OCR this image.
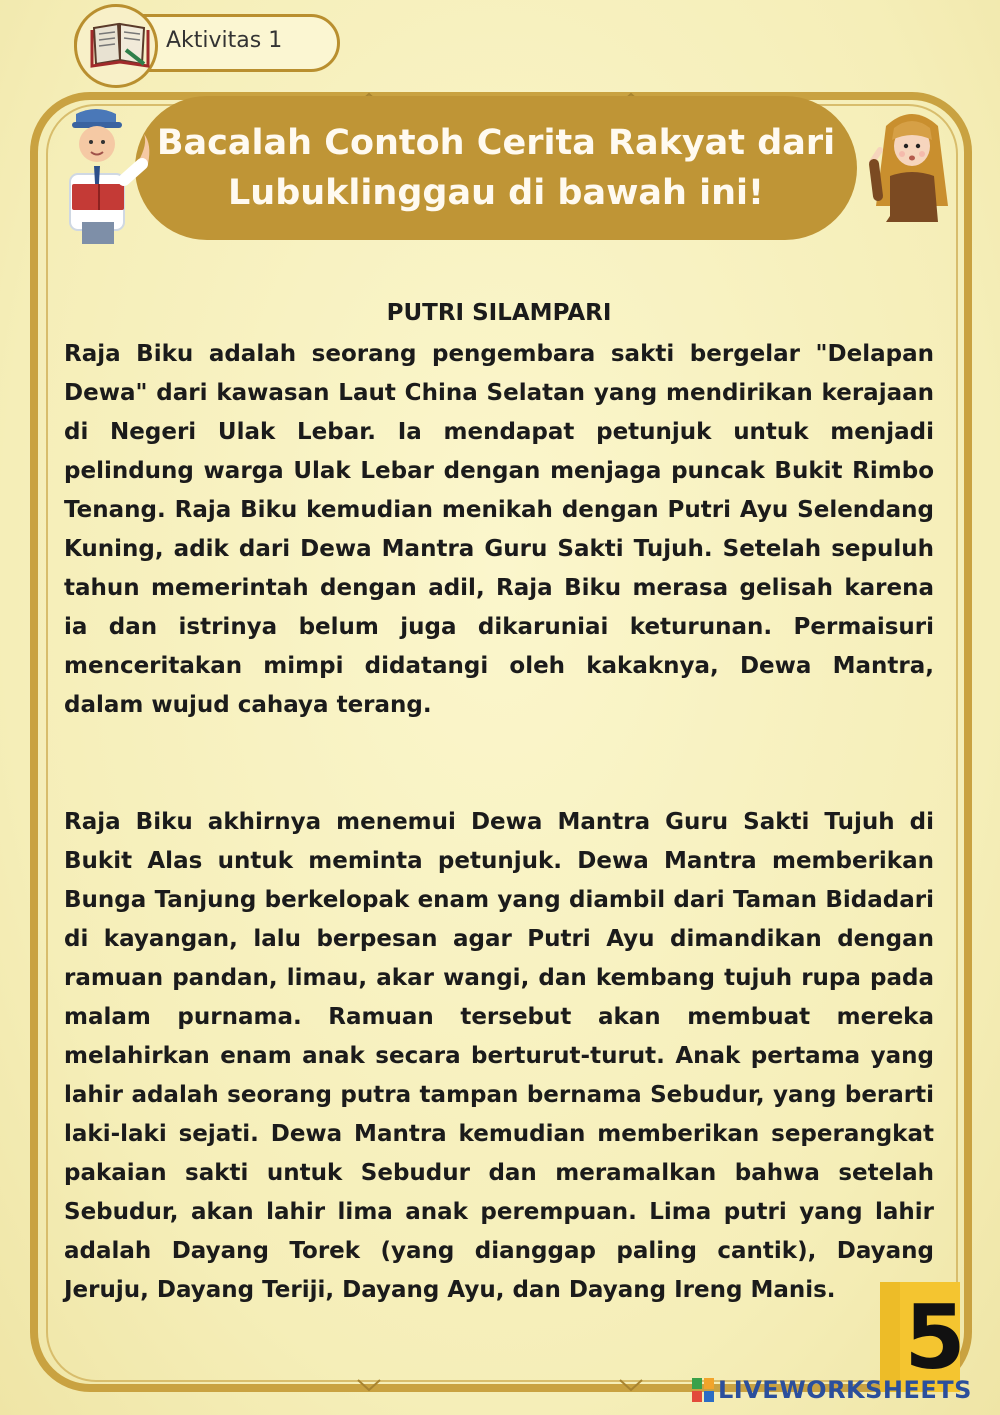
Aktivitas 1
Bacalah Contoh Cerita Rakyat dari
Lubuklinggau di bawah ini!
PUTRI SILAMPARI

Raja Biku adalah seorang pengembara sakti bergelar "Delapan Dewa" dari kawasan Laut China Selatan yang mendirikan kerajaan di Negeri Ulak Lebar. Ia mendapat petunjuk untuk menjadi pelindung warga Ulak Lebar dengan menjaga puncak Bukit Rimbo Tenang. Raja Biku kemudian menikah dengan Putri Ayu Selendang Kuning, adik dari Dewa Mantra Guru Sakti Tujuh. Setelah sepuluh tahun memerintah dengan adil, Raja Biku merasa gelisah karena ia dan istrinya belum juga dikaruniai keturunan. Permaisuri menceritakan mimpi didatangi oleh kakaknya, Dewa Mantra, dalam wujud cahaya terang.

Raja Biku akhirnya menemui Dewa Mantra Guru Sakti Tujuh di Bukit Alas untuk meminta petunjuk. Dewa Mantra memberikan Bunga Tanjung berkelopak enam yang diambil dari Taman Bidadari di kayangan, lalu berpesan agar Putri Ayu dimandikan dengan ramuan pandan, limau, akar wangi, dan kembang tujuh rupa pada malam purnama. Ramuan tersebut akan membuat mereka melahirkan enam anak secara berturut-turut. Anak pertama yang lahir adalah seorang putra tampan bernama Sebudur, yang berarti laki-laki sejati. Dewa Mantra kemudian memberikan seperangkat pakaian sakti untuk Sebudur dan meramalkan bahwa setelah Sebudur, akan lahir lima anak perempuan. Lima putri yang lahir adalah Dayang Torek (yang dianggap paling cantik), Dayang Jeruju, Dayang Teriji, Dayang Ayu, dan Dayang Ireng Manis. 5
LIVEWORKSHEETS
